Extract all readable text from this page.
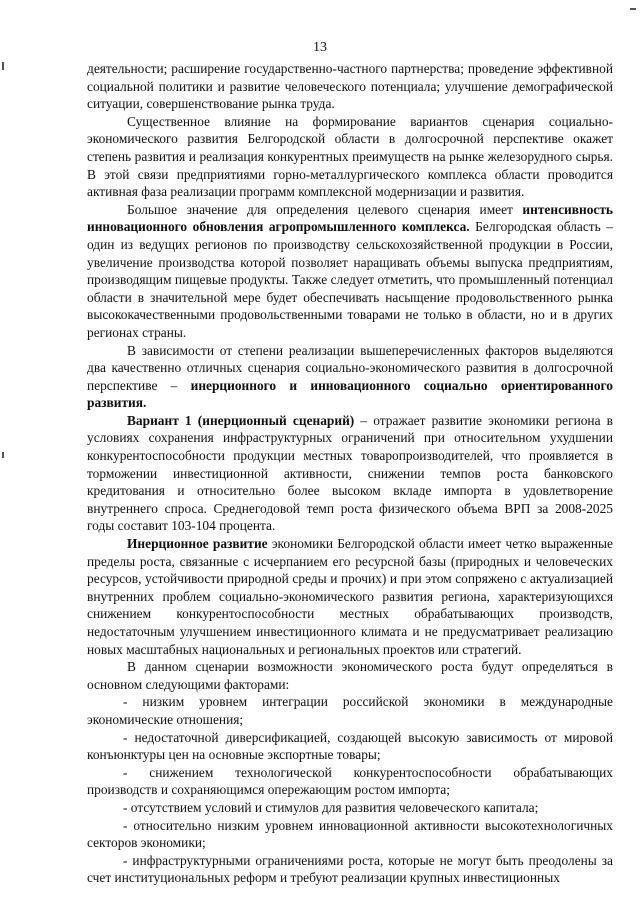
13

деятельности; расширение государственно-частного партнерства; проведение эффективной социальной политики и развитие человеческого потенциала; улучшение демографической ситуации, совершенствование рынка труда.

Существенное влияние на формирование вариантов сценария социально-экономического развития Белгородской области в долгосрочной перспективе окажет степень развития и реализация конкурентных преимуществ на рынке железорудного сырья. В этой связи предприятиями горно-металлургического комплекса области проводится активная фаза реализации программ комплексной модернизации и развития.

Большое значение для определения целевого сценария имеет интенсивность инновационного обновления агропромышленного комплекса. Белгородская область – один из ведущих регионов по производству сельскохозяйственной продукции в России, увеличение производства которой позволяет наращивать объемы выпуска предприятиям, производящим пищевые продукты. Также следует отметить, что промышленный потенциал области в значительной мере будет обеспечивать насыщение продовольственного рынка высококачественными продовольственными товарами не только в области, но и в других регионах страны.

В зависимости от степени реализации вышеперечисленных факторов выделяются два качественно отличных сценария социально-экономического развития в долгосрочной перспективе – инерционного и инновационного социально ориентированного развития.

Вариант 1 (инерционный сценарий) – отражает развитие экономики региона в условиях сохранения инфраструктурных ограничений при относительном ухудшении конкурентоспособности продукции местных товаропроизводителей, что проявляется в торможении инвестиционной активности, снижении темпов роста банковского кредитования и относительно более высоком вкладе импорта в удовлетворение внутреннего спроса. Среднегодовой темп роста физического объема ВРП за 2008-2025 годы составит 103-104 процента.

Инерционное развитие экономики Белгородской области имеет четко выраженные пределы роста, связанные с исчерпанием его ресурсной базы (природных и человеческих ресурсов, устойчивости природной среды и прочих) и при этом сопряжено с актуализацией внутренних проблем социально-экономического развития региона, характеризующихся снижением конкурентоспособности местных обрабатывающих производств, недостаточным улучшением инвестиционного климата и не предусматривает реализацию новых масштабных национальных и региональных проектов или стратегий.

В данном сценарии возможности экономического роста будут определяться в основном следующими факторами:

- низким уровнем интеграции российской экономики в международные экономические отношения;

- недостаточной диверсификацией, создающей высокую зависимость от мировой конъюнктуры цен на основные экспортные товары;

- снижением технологической конкурентоспособности обрабатывающих производств и сохраняющимся опережающим ростом импорта;

- отсутствием условий и стимулов для развития человеческого капитала;

- относительно низким уровнем инновационной активности высокотехнологичных секторов экономики;

- инфраструктурными ограничениями роста, которые не могут быть преодолены за счет институциональных реформ и требуют реализации крупных инвестиционных
